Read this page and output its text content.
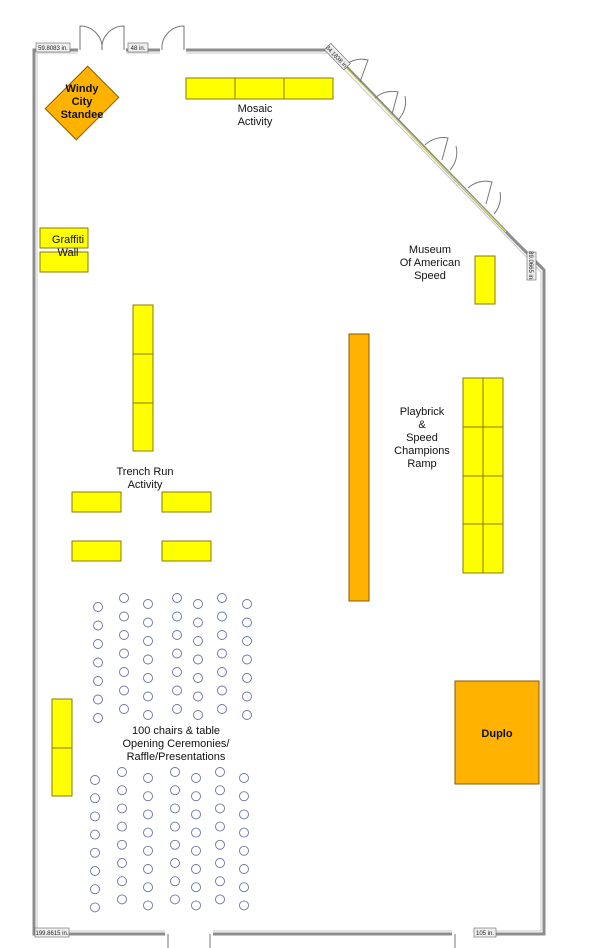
59.8083 in.	48 in.	34.1838 in.
89.0665 in.
199.8615 in.	105 in.
Windy
City
Standee	Mosaic
Activity
Graffiti
Wall	Museum
Of American
Speed
Trench Run
Activity
Playbrick
&
Speed
Champions
Ramp
100 chairs & table
Opening Ceremonies/
Raffle/Presentations
Duplo
